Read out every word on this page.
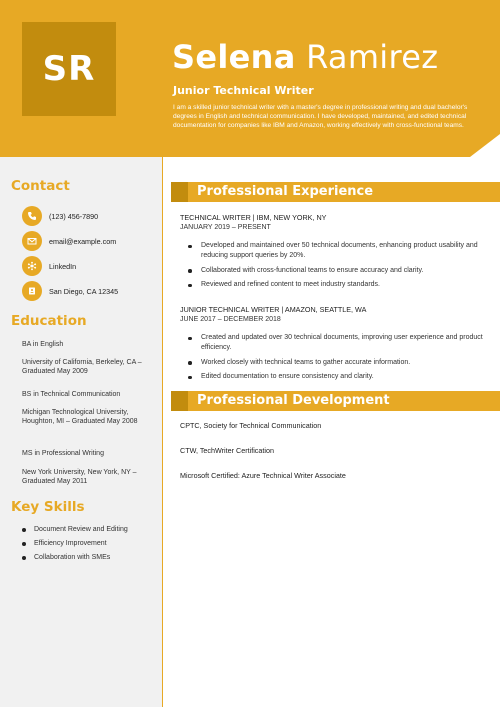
SR Selena Ramirez
Junior Technical Writer
I am a skilled junior technical writer with a master's degree in professional writing and dual bachelor's degrees in English and technical communication. I have developed, maintained, and edited technical documentation for companies like IBM and Amazon, working effectively with cross-functional teams.
Contact
(123) 456-7890
email@example.com
LinkedIn
San Diego, CA 12345
Education
BA in English
University of California, Berkeley, CA – Graduated May 2009
BS in Technical Communication
Michigan Technological University, Houghton, MI – Graduated May 2008
MS in Professional Writing
New York University, New York, NY – Graduated May 2011
Key Skills
Document Review and Editing
Efficiency Improvement
Collaboration with SMEs
Professional Experience
TECHNICAL WRITER | IBM, NEW YORK, NY
JANUARY 2019 – PRESENT
Developed and maintained over 50 technical documents, enhancing product usability and reducing support queries by 20%.
Collaborated with cross-functional teams to ensure accuracy and clarity.
Reviewed and refined content to meet industry standards.
JUNIOR TECHNICAL WRITER | AMAZON, SEATTLE, WA
JUNE 2017 – DECEMBER 2018
Created and updated over 30 technical documents, improving user experience and product efficiency.
Worked closely with technical teams to gather accurate information.
Edited documentation to ensure consistency and clarity.
Professional Development
CPTC, Society for Technical Communication
CTW, TechWriter Certification
Microsoft Certified: Azure Technical Writer Associate
